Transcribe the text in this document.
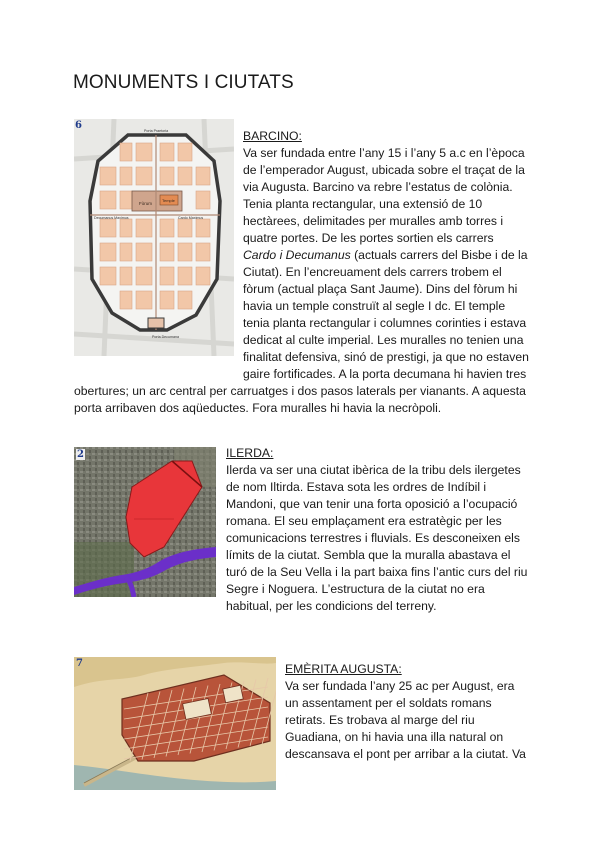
MONUMENTS I CIUTATS
6
Fòrum
Temple
Porta Praetoria
Porta Decumana
Decumanus Maximus	Cardo Maximus
BARCINO:
Va ser fundada entre l’any 15 i l’any 5 a.c en l’època
de l’emperador August, ubicada sobre el traçat de la
via Augusta. Barcino va rebre l’estatus de colònia.
Tenia planta rectangular, una extensió de 10
hectàrees, delimitades per muralles amb torres i
quatre portes. De les portes sortien els carrers
Cardo i Decumanus (actuals carrers del Bisbe i de la
Ciutat). En l’encreuament dels carrers trobem el
fòrum (actual plaça Sant Jaume). Dins del fòrum hi
havia un temple construït al segle I dc. El temple
tenia planta rectangular i columnes corinties i estava
dedicat al culte imperial. Les muralles no tenien una
finalitat defensiva, sinó de prestigi, ja que no estaven
gaire fortificades. A la porta decumana hi havien tres
obertures; un arc central per carruatges i dos pasos laterals per vianants. A aquesta
porta arribaven dos aqüeductes. Fora muralles hi havia la necròpoli.
2	ILERDA:
Ilerda va ser una ciutat ibèrica de la tribu dels ilergetes
de nom Iltirda. Estava sota les ordres de Indíbil i
Mandoni, que van tenir una forta oposició a l’ocupació
romana. El seu emplaçament era estratègic per les
comunicacions terrestres i fluvials. Es desconeixen els
límits de la ciutat. Sembla que la muralla abastava el
turó de la Seu Vella i la part baixa fins l’antic curs del riu
Segre i Noguera. L’estructura de la ciutat no era
habitual, per les condicions del terreny.
7	EMÈRITA AUGUSTA:
Va ser fundada l’any 25 ac per August, era
un assentament per el soldats romans
retirats. Es trobava al marge del riu
Guadiana, on hi havia una illa natural on
descansava el pont per arribar a la ciutat. Va
